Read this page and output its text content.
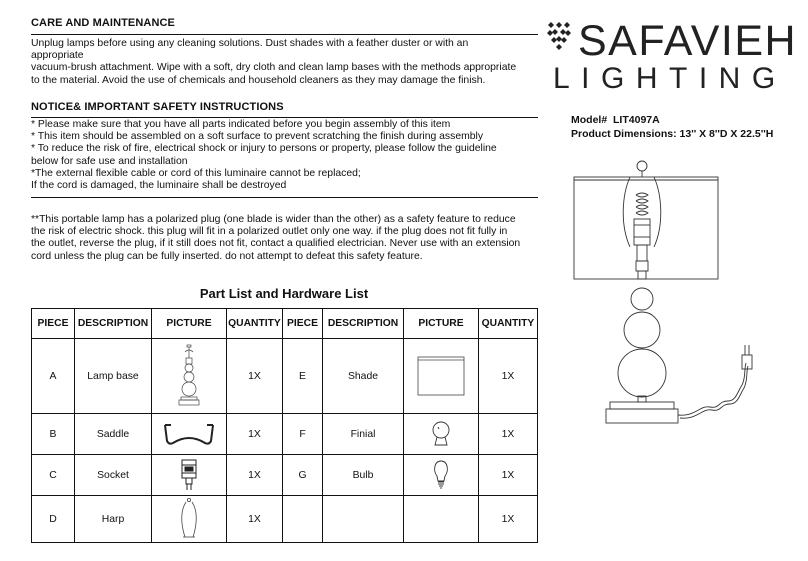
CARE AND MAINTENANCE
Unplug lamps before using any cleaning solutions. Dust shades with a feather duster or with an
appropriate
vacuum-brush attachment. Wipe with a soft, dry cloth and clean lamp bases with the methods appropriate
to the material. Avoid the use of chemicals and household cleaners as they may damage the finish.
NOTICE& IMPORTANT SAFETY INSTRUCTIONS
* Please make sure that you have all parts indicated before you begin assembly of this item
* This item should be assembled on a soft surface to prevent scratching the finish during assembly
* To reduce the risk of fire, electrical shock or injury to persons or property, please follow the guideline
below for safe use and installation
*The external flexible cable or cord of this luminaire cannot be replaced;
If the cord is damaged, the luminaire shall be destroyed
**This portable lamp has a polarized plug (one blade is wider than the other) as a safety feature to reduce
the risk of electric shock. this plug will fit in a polarized outlet only one way. if the plug does not fit fully in
the outlet, reverse the plug, if it still does not fit, contact a qualified electrician. Never use with an extension
cord unless the plug can be fully inserted. do not attempt to defeat this safety feature.
SAFAVIEH
LIGHTING
Model# LIT4097A
Product Dimensions: 13'' X 8''D X 22.5''H
Part List and Hardware List
PIECE	DESCRIPTION	PICTURE	QUANTITY	PIECE	DESCRIPTION	PICTURE	QUANTITY
A	Lamp base		1X	E	Shade		1X
B	Saddle		1X	F	Finial		1X
C	Socket		1X	G	Bulb		1X
D	Harp		1X				1X
